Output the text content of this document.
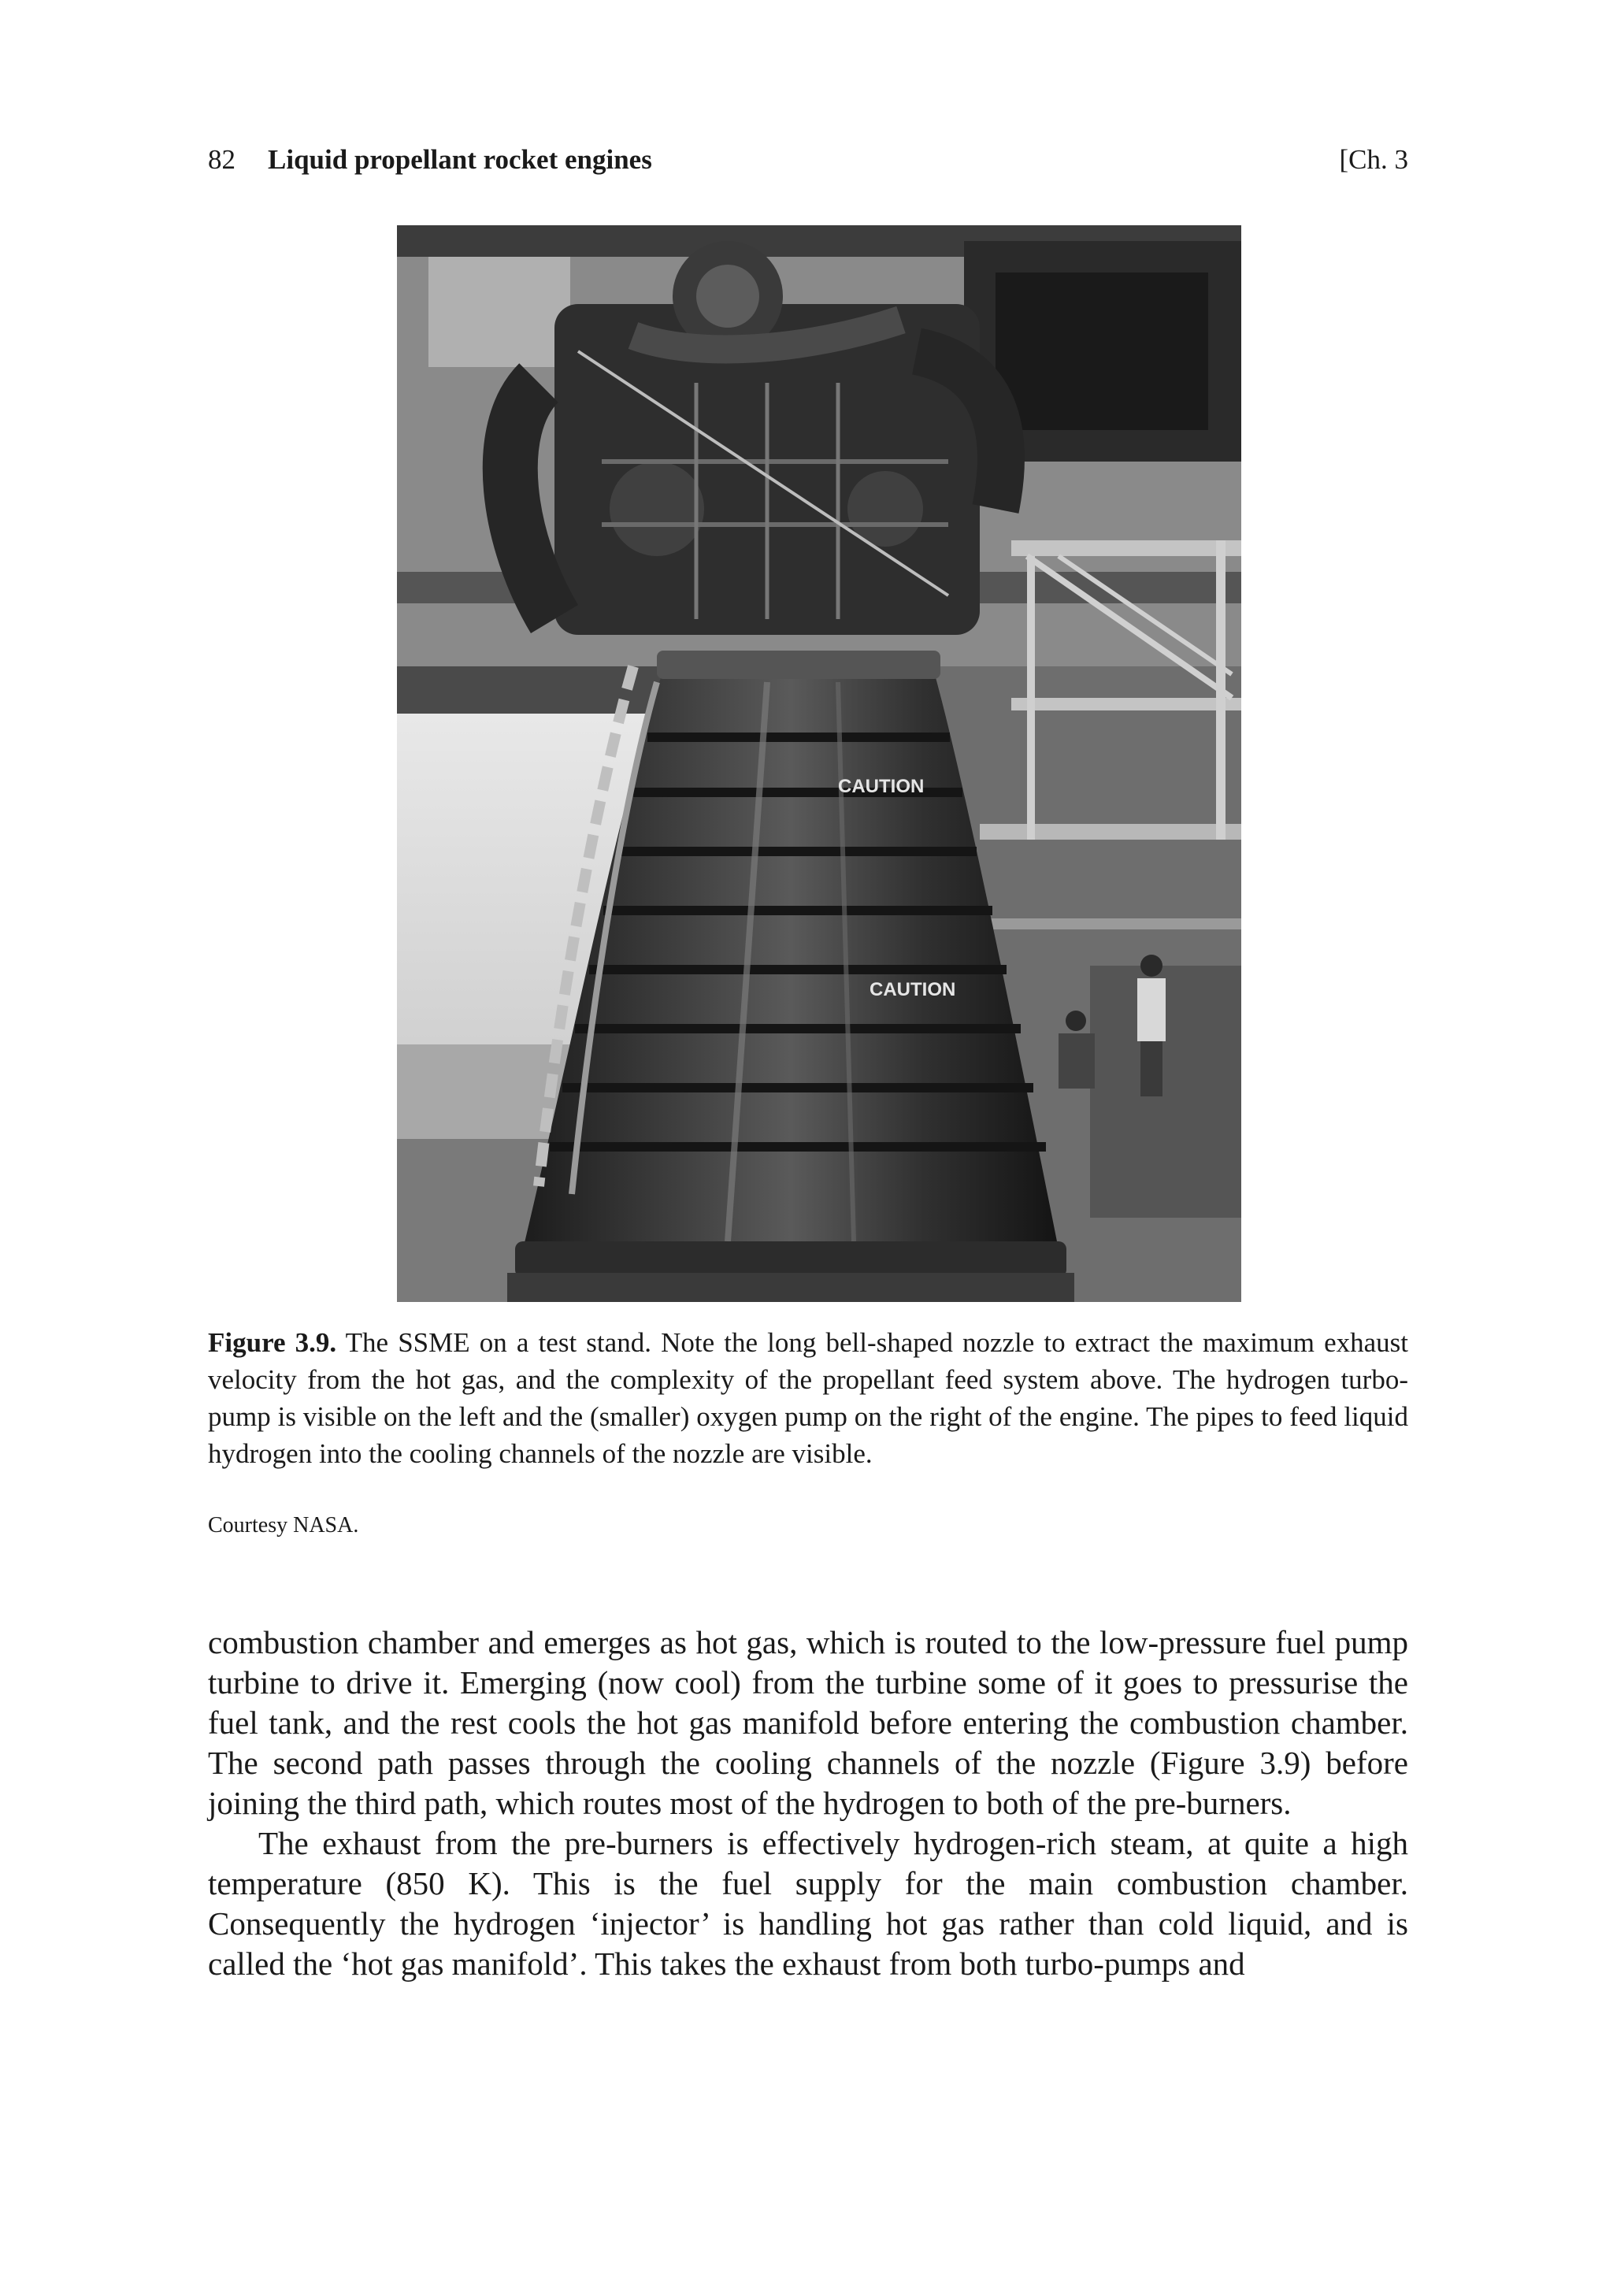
82 Liquid propellant rocket engines	[Ch. 3
CAUTION
CAUTION
Figure 3.9. The SSME on a test stand. Note the long bell-shaped nozzle to extract the maximum exhaust velocity from the hot gas, and the complexity of the propellant feed system above. The hydrogen turbo-pump is visible on the left and the (smaller) oxygen pump on the right of the engine. The pipes to feed liquid hydrogen into the cooling channels of the nozzle are visible.
Courtesy NASA.

combustion chamber and emerges as hot gas, which is routed to the low-pressure fuel pump turbine to drive it. Emerging (now cool) from the turbine some of it goes to pressurise the fuel tank, and the rest cools the hot gas manifold before entering the combustion chamber. The second path passes through the cooling channels of the nozzle (Figure 3.9) before joining the third path, which routes most of the hydrogen to both of the pre-burners.

The exhaust from the pre-burners is effectively hydrogen-rich steam, at quite a high temperature (850 K). This is the fuel supply for the main combustion chamber. Consequently the hydrogen ‘injector’ is handling hot gas rather than cold liquid, and is called the ‘hot gas manifold’. This takes the exhaust from both turbo-pumps and
